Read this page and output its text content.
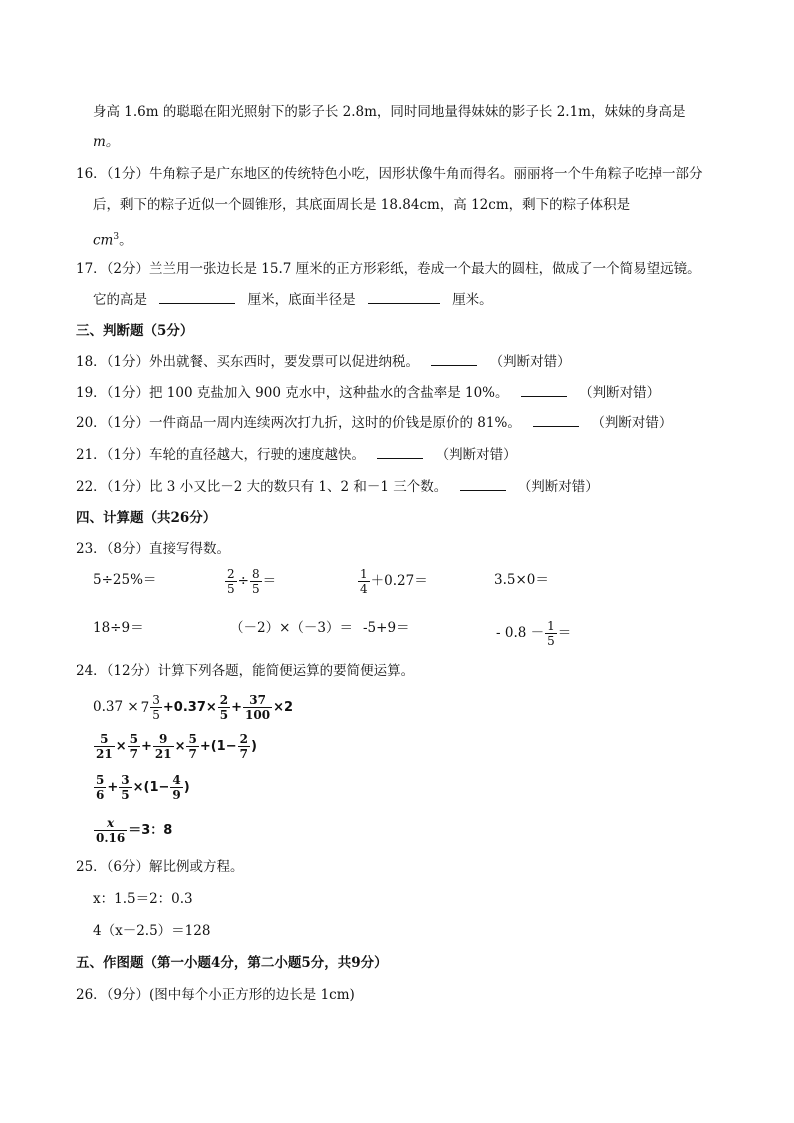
身高 1.6m 的聪聪在阳光照射下的影子长 2.8m，同时同地量得妹妹的影子长 2.1m，妹妹的身高是
m。
16．（1分）牛角粽子是广东地区的传统特色小吃，因形状像牛角而得名。丽丽将一个牛角粽子吃掉一部分
后，剩下的粽子近似一个圆锥形，其底面周长是 18.84cm，高 12cm，剩下的粽子体积是
$cm^3$。
17．（2分）兰兰用一张边长是 15.7 厘米的正方形彩纸，卷成一个最大的圆柱，做成了一个简易望远镜。
它的高是	厘米，底面半径是	厘米。
三、判断题（5分）
18．（1分）外出就餐、买东西时，要发票可以促进纳税。	（判断对错）
19．（1分）把 100 克盐加入 900 克水中，这种盐水的含盐率是 10%。	（判断对错）
20．（1分）一件商品一周内连续两次打九折，这时的价钱是原价的 81%。	（判断对错）
21．（1分）车轮的直径越大，行驶的速度越快。	（判断对错）
22．（1分）比 3 小又比－2 大的数只有 1、2 和－1 三个数。	（判断对错）
四、计算题（共26分）
23．（8分）直接写得数。
5÷25%＝	$\frac{2}{5} \div \frac{8}{5}$ ＝	$\frac{1}{4} +0.27=$	3.5×0＝
18÷9＝	（－2）×（－3）＝ -5+9＝	- $0.8 - \frac{1}{5}$ ＝
24．（12分）计算下列各题，能简便运算的要简便运算。
$0.37 \times 7 \frac{3}{5} +0.37\times \frac{2}{5} + \frac{37}{100} \times 2$
$\frac{5}{21} \times \frac{5}{7} + \frac{9}{21} \times \frac{5}{7} +(1- \frac{2}{7}$ )
$\frac{5}{6} + \frac{3}{5} \times(1- \frac{4}{9}$ )
$\frac{x}{0.16} =3$：8
25．（6分）解比例或方程。
x：1.5＝2：0.3
4（x－2.5）＝128
五、作图题（第一小题4分，第二小题5分，共9分）
26．（9分）(图中每个小正方形的边长是 1cm)
